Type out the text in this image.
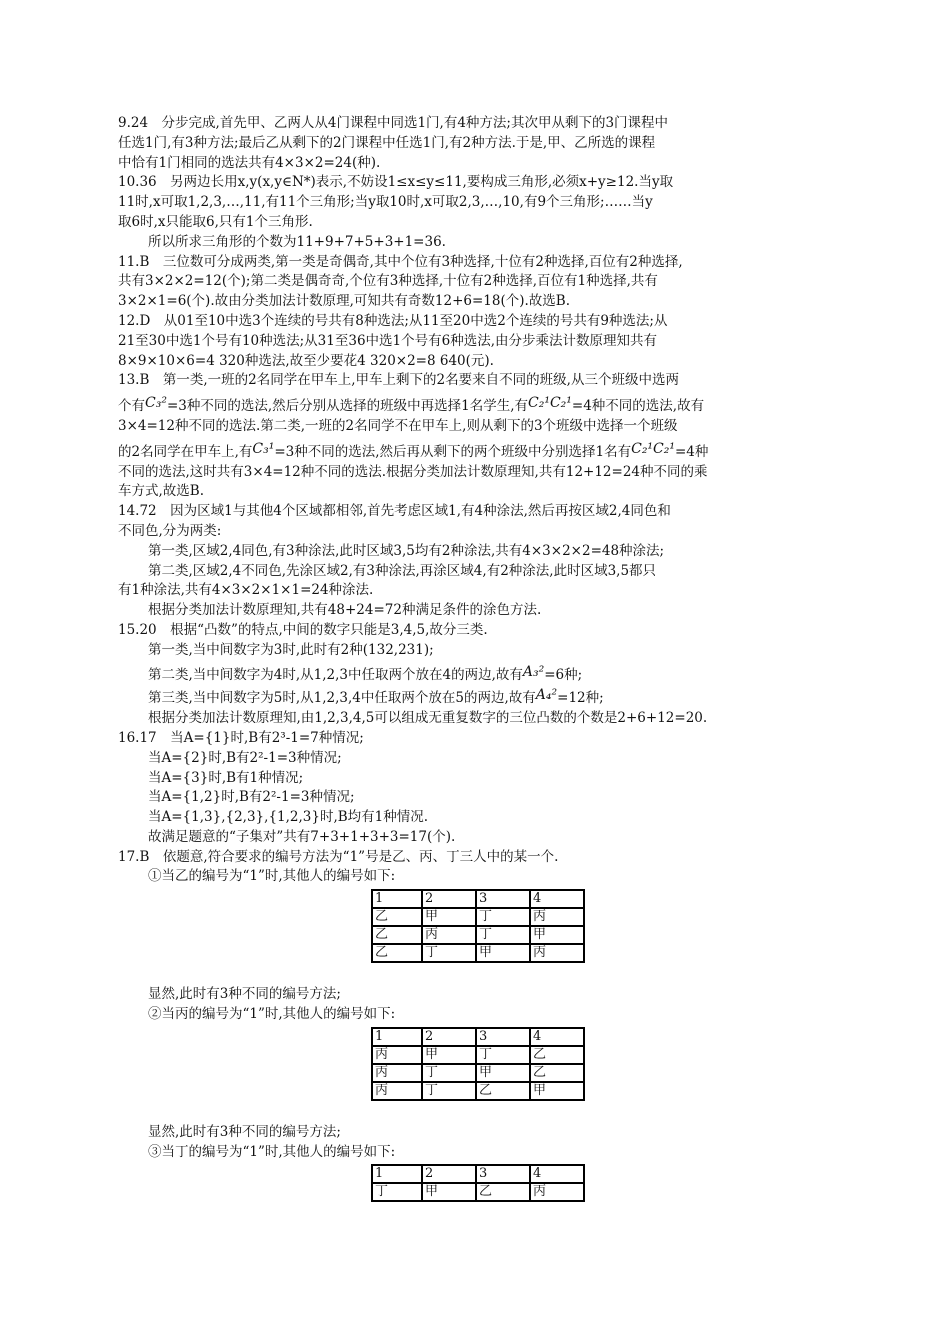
9.24　分步完成,首先甲、乙两人从4门课程中同选1门,有4种方法;其次甲从剩下的3门课程中

任选1门,有3种方法;最后乙从剩下的2门课程中任选1门,有2种方法.于是,甲、乙所选的课程

中恰有1门相同的选法共有4×3×2=24(种).

10.36　另两边长用x,y(x,y∈N*)表示,不妨设1≤x≤y≤11,要构成三角形,必须x+y≥12.当y取

11时,x可取1,2,3,…,11,有11个三角形;当y取10时,x可取2,3,…,10,有9个三角形;……当y

取6时,x只能取6,只有1个三角形.

所以所求三角形的个数为11+9+7+5+3+1=36.

11.B　三位数可分成两类,第一类是奇偶奇,其中个位有3种选择,十位有2种选择,百位有2种选择,

共有3×2×2=12(个);第二类是偶奇奇,个位有3种选择,十位有2种选择,百位有1种选择,共有

3×2×1=6(个).故由分类加法计数原理,可知共有奇数12+6=18(个).故选B.

12.D　从01至10中选3个连续的号共有8种选法;从11至20中选2个连续的号共有9种选法;从

21至30中选1个号有10种选法;从31至36中选1个号有6种选法,由分步乘法计数原理知共有

8×9×10×6=4 320种选法,故至少要花4 320×2=8 640(元).

13.B　第一类,一班的2名同学在甲车上,甲车上剩下的2名要来自不同的班级,从三个班级中选两

个有C₃²=3种不同的选法,然后分别从选择的班级中再选择1名学生,有C₂¹C₂¹=4种不同的选法,故有

3×4=12种不同的选法.第二类,一班的2名同学不在甲车上,则从剩下的3个班级中选择一个班级

的2名同学在甲车上,有C₃¹=3种不同的选法,然后再从剩下的两个班级中分别选择1名有C₂¹C₂¹=4种

不同的选法,这时共有3×4=12种不同的选法.根据分类加法计数原理知,共有12+12=24种不同的乘

车方式,故选B.

14.72　因为区域1与其他4个区域都相邻,首先考虑区域1,有4种涂法,然后再按区域2,4同色和

不同色,分为两类:

第一类,区域2,4同色,有3种涂法,此时区域3,5均有2种涂法,共有4×3×2×2=48种涂法;

第二类,区域2,4不同色,先涂区域2,有3种涂法,再涂区域4,有2种涂法,此时区域3,5都只

有1种涂法,共有4×3×2×1×1=24种涂法.

根据分类加法计数原理知,共有48+24=72种满足条件的涂色方法.

15.20　根据“凸数”的特点,中间的数字只能是3,4,5,故分三类.

第一类,当中间数字为3时,此时有2种(132,231);

第二类,当中间数字为4时,从1,2,3中任取两个放在4的两边,故有A₃²=6种;

第三类,当中间数字为5时,从1,2,3,4中任取两个放在5的两边,故有A₄²=12种;

根据分类加法计数原理知,由1,2,3,4,5可以组成无重复数字的三位凸数的个数是2+6+12=20.

16.17　当A={1}时,B有2³-1=7种情况;

当A={2}时,B有2²-1=3种情况;

当A={3}时,B有1种情况;

当A={1,2}时,B有2²-1=3种情况;

当A={1,3},{2,3},{1,2,3}时,B均有1种情况.

故满足题意的“子集对”共有7+3+1+3+3=17(个).

17.B　依题意,符合要求的编号方法为“1”号是乙、丙、丁三人中的某一个.

①当乙的编号为“1”时,其他人的编号如下:

1	2	3	4
乙	甲	丁	丙
乙	丙	丁	甲
乙	丁	甲	丙

显然,此时有3种不同的编号方法;

②当丙的编号为“1”时,其他人的编号如下:

1	2	3	4
丙	甲	丁	乙
丙	丁	甲	乙
丙	丁	乙	甲

显然,此时有3种不同的编号方法;

③当丁的编号为“1”时,其他人的编号如下:

1	2	3	4
丁	甲	乙	丙
